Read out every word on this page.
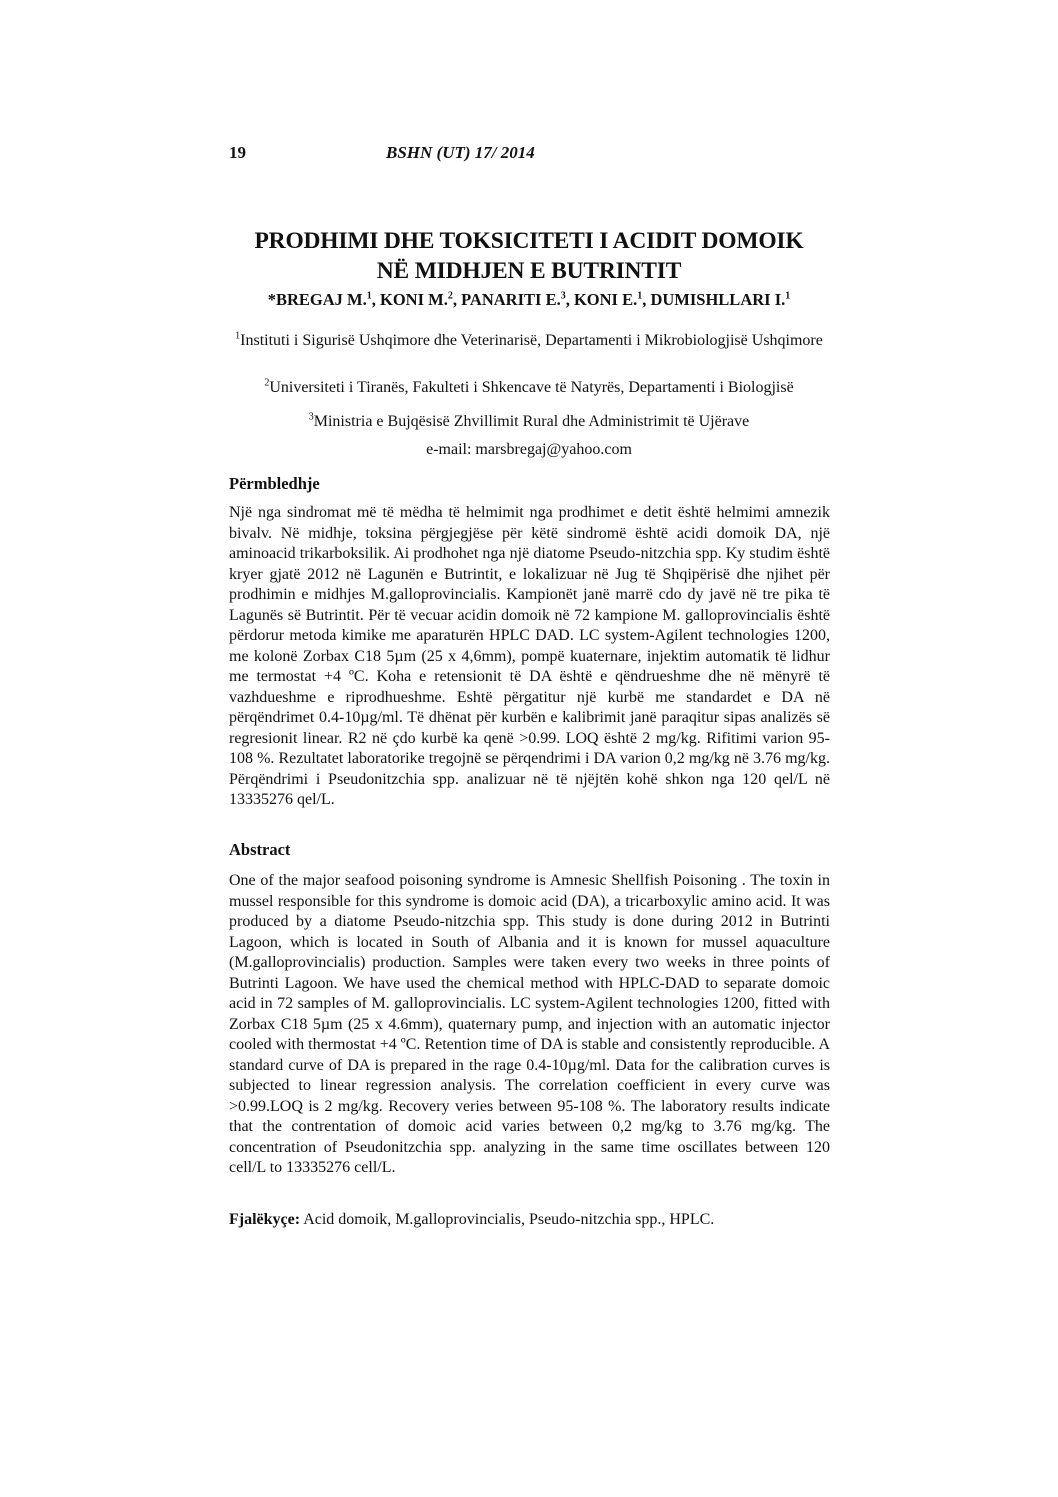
19	BSHN (UT) 17/ 2014
PRODHIMI DHE TOKSICITETI I ACIDIT DOMOIK
NË MIDHJEN E BUTRINTIT
*BREGAJ M.$^1$, KONI M.$^2$, PANARITI E.$^3$, KONI E.$^1$, DUMISHLLARI I.$^1$
$^1$Instituti i Sigurisë Ushqimore dhe Veterinarisë, Departamenti i Mikrobiologjisë Ushqimore
$^2$Universiteti i Tiranës, Fakulteti i Shkencave të Natyrës, Departamenti i Biologjisë
$^3$Ministria e Bujqësisë Zhvillimit Rural dhe Administrimit të Ujërave
e-mail: marsbregaj@yahoo.com
Përmbledhje
Një nga sindromat më të mëdha të helmimit nga prodhimet e detit është helmimi amnezik bivalv. Në midhje, toksina përgjegjëse për këtë sindromë është acidi domoik DA, një aminoacid trikarboksilik. Ai prodhohet nga një diatome Pseudo-nitzchia spp. Ky studim është kryer gjatë 2012 në Lagunën e Butrintit, e lokalizuar në Jug të Shqipërisë dhe njihet për prodhimin e midhjes M.galloprovincialis. Kampionët janë marrë cdo dy javë në tre pika të Lagunës së Butrintit. Për të vecuar acidin domoik në 72 kampione M. galloprovincialis është përdorur metoda kimike me aparaturën HPLC DAD. LC system-Agilent technologies 1200, me kolonë Zorbax C18 5µm (25 x 4,6mm), pompë kuaternare, injektim automatik të lidhur me termostat +4 ºC. Koha e retensionit të DA është e qëndrueshme dhe në mënyrë të vazhdueshme e riprodhueshme. Eshtë përgatitur një kurbë me standardet e DA në përqëndrimet 0.4-10µg/ml. Të dhënat për kurbën e kalibrimit janë paraqitur sipas analizës së regresionit linear. R2 në çdo kurbë ka qenë >0.99. LOQ është 2 mg/kg. Rifitimi varion 95-108 %. Rezultatet laboratorike tregojnë se përqendrimi i DA varion 0,2 mg/kg në 3.76 mg/kg. Përqëndrimi i Pseudonitzchia spp. analizuar në të njëjtën kohë shkon nga 120 qel/L në 13335276 qel/L.
Abstract
One of the major seafood poisoning syndrome is Amnesic Shellfish Poisoning . The toxin in mussel responsible for this syndrome is domoic acid (DA), a tricarboxylic amino acid. It was produced by a diatome Pseudo-nitzchia spp. This study is done during 2012 in Butrinti Lagoon, which is located in South of Albania and it is known for mussel aquaculture (M.galloprovincialis) production. Samples were taken every two weeks in three points of Butrinti Lagoon. We have used the chemical method with HPLC-DAD to separate domoic acid in 72 samples of M. galloprovincialis. LC system-Agilent technologies 1200, fitted with Zorbax C18 5µm (25 x 4.6mm), quaternary pump, and injection with an automatic injector cooled with thermostat +4 ºC. Retention time of DA is stable and consistently reproducible. A standard curve of DA is prepared in the rage 0.4-10µg/ml. Data for the calibration curves is subjected to linear regression analysis. The correlation coefficient in every curve was >0.99.LOQ is 2 mg/kg. Recovery veries between 95-108 %. The laboratory results indicate that the contrentation of domoic acid varies between 0,2 mg/kg to 3.76 mg/kg. The concentration of Pseudonitzchia spp. analyzing in the same time oscillates between 120 cell/L to 13335276 cell/L.
Fjalëkyçe: Acid domoik, M.galloprovincialis, Pseudo-nitzchia spp., HPLC.
